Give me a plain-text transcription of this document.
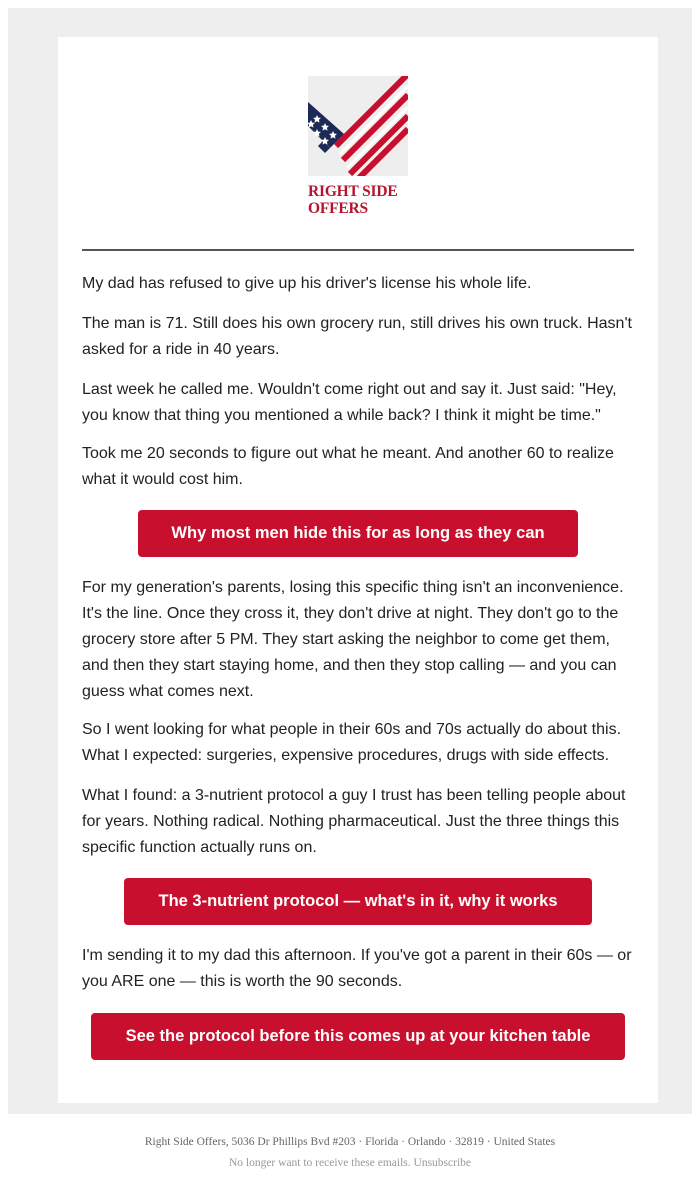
RIGHT SIDE
OFFERS

My dad has refused to give up his driver's license his whole life.

The man is 71. Still does his own grocery run, still drives his own truck. Hasn't asked for a ride in 40 years.

Last week he called me. Wouldn't come right out and say it. Just said: "Hey, you know that thing you mentioned a while back? I think it might be time."

Took me 20 seconds to figure out what he meant. And another 60 to realize what it would cost him.

Why most men hide this for as long as they can

For my generation's parents, losing this specific thing isn't an inconvenience. It's the line. Once they cross it, they don't drive at night. They don't go to the grocery store after 5 PM. They start asking the neighbor to come get them, and then they start staying home, and then they stop calling — and you can guess what comes next.

So I went looking for what people in their 60s and 70s actually do about this. What I expected: surgeries, expensive procedures, drugs with side effects.

What I found: a 3-nutrient protocol a guy I trust has been telling people about for years. Nothing radical. Nothing pharmaceutical. Just the three things this specific function actually runs on.

The 3-nutrient protocol — what's in it, why it works

I'm sending it to my dad this afternoon. If you've got a parent in their 60s — or you ARE one — this is worth the 90 seconds.

See the protocol before this comes up at your kitchen table

Right Side Offers, 5036 Dr Phillips Bvd #203 · Florida · Orlando · 32819 · United States

No longer want to receive these emails. Unsubscribe
